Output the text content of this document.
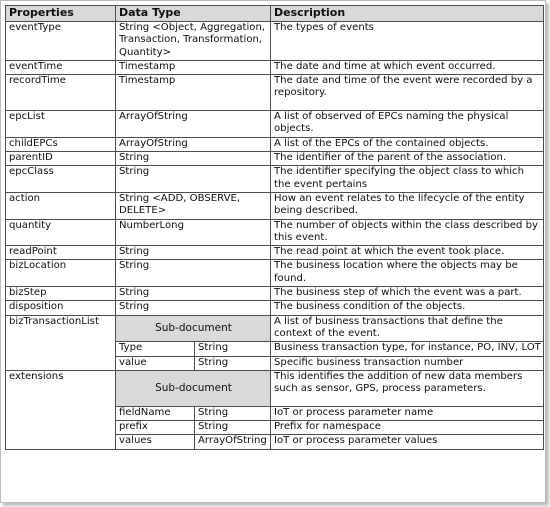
Properties	Data Type		Description
eventType	String <Object, Aggregation, Transaction, Transformation, Quantity>		The types of events
eventTime	Timestamp		The date and time at which event occurred.
recordTime	Timestamp		The date and time of the event were recorded by a repository.
epcList	ArrayOfString		A list of observed of EPCs naming the physical objects.
childEPCs	ArrayOfString		A list of the EPCs of the contained objects.
parentID	String		The identifier of the parent of the association.
epcClass	String		The identifier specifying the object class to which the event pertains
action	String <ADD, OBSERVE, DELETE>		How an event relates to the lifecycle of the entity being described.
quantity	NumberLong		The number of objects within the class described by this event.
readPoint	String		The read point at which the event took place.
bizLocation	String		The business location where the objects may be found.
bizStep	String		The business step of which the event was a part.
disposition	String		The business condition of the objects.
bizTransactionList	Sub-document		A list of business transactions that define the context of the event.
	Type	String	Business transaction type, for instance, PO, INV, LOT
	value	String	Specific business transaction number
extensions	Sub-document		This identifies the addition of new data members such as sensor, GPS, process parameters.
	fieldName	String	IoT or process parameter name
	prefix	String	Prefix for namespace
	values	ArrayOfString	IoT or process parameter values
